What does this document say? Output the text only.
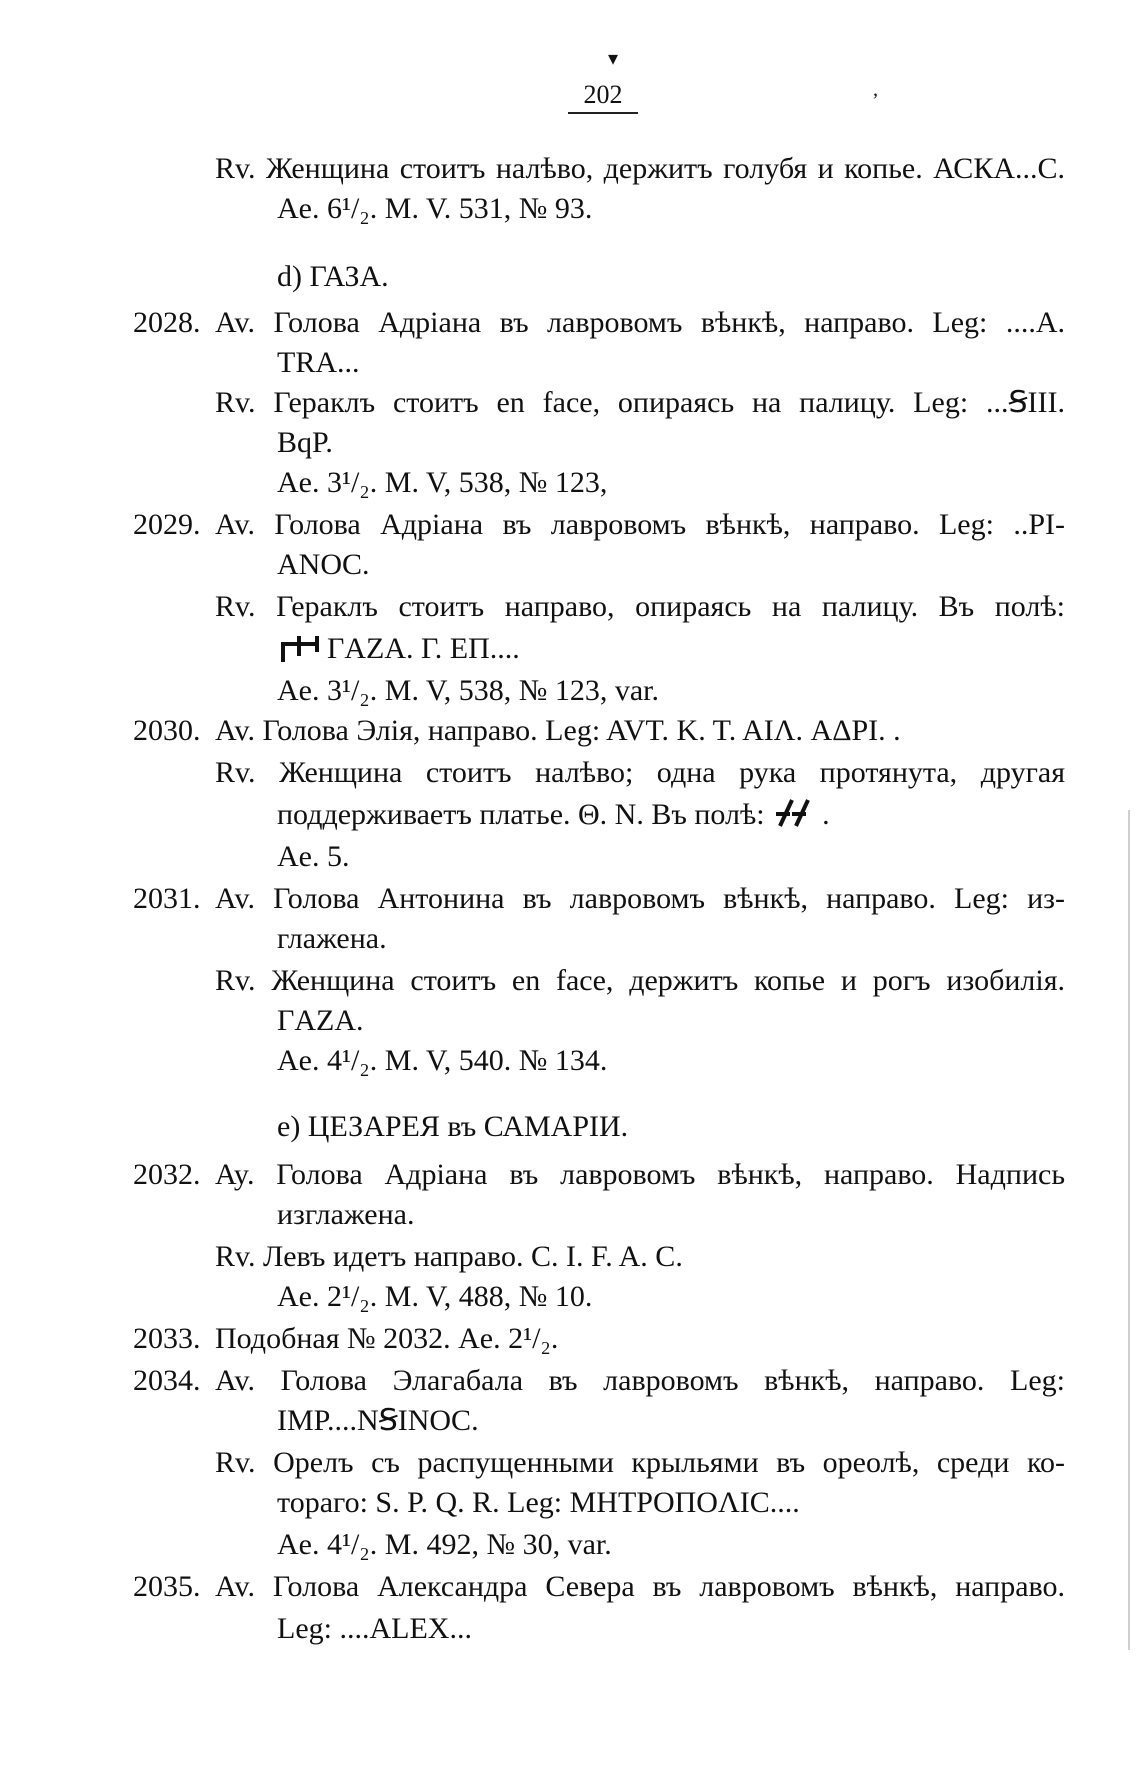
▾
ʼ
202
Rv. Женщина стоитъ налѣво, держитъ голубя и копье. АСКА...С.
Ae. 6¹/₂. M. V. 531, № 93.
d) ГАЗА.
2028. Av. Голова Адріана въ лавровомъ вѣнкѣ, направо. Leg: ....A.
TRA...
Rv. Гераклъ стоитъ en face, опираясь на палицу. Leg: ...ꞨIII.
BqP.
Ae. 3¹/₂. M. V, 538, № 123,
2029. Av. Голова Адріана въ лавровомъ вѣнкѣ, направо. Leg: ..PI-
ANOC.
Rv. Гераклъ стоитъ направо, опираясь на палицу. Въ полѣ:
ΓAZA. Γ. ΕΠ....
Ae. 3¹/₂. M. V, 538, № 123, var.
2030. Av. Голова Элія, направо. Leg: AVT. K. T. AIΛ. AΔPI. .
Rv. Женщина стоитъ налѣво; одна рука протянута, другая
поддерживаетъ платье. Θ. N. Въ полѣ: .
Ae. 5.
2031. Av. Голова Антонина въ лавровомъ вѣнкѣ, направо. Leg: из-
глажена.
Rv. Женщина стоитъ en face, держитъ копье и рогъ изобилія.
ΓAZA.
Ae. 4¹/₂. M. V, 540. № 134.
e) ЦЕЗАРЕЯ въ САМАРІИ.
2032. Ay. Голова Адріана въ лавровомъ вѣнкѣ, направо. Надпись
изглажена.
Rv. Левъ идетъ направо. C. I. F. A. C.
Ae. 2¹/₂. M. V, 488, № 10.
2033. Подобная № 2032. Ae. 2¹/₂.
2034. Av. Голова Элагабала въ лавровомъ вѣнкѣ, направо. Leg:
IMP....NꞨINOC.
Rv. Орелъ съ распущенными крыльями въ ореолѣ, среди ко-
тораго: S. P. Q. R. Leg: MHTPOΠOΛIC....
Ae. 4¹/₂. M. 492, № 30, var.
2035. Av. Голова Александра Севера въ лавровомъ вѣнкѣ, направо.
Leg: ....ALEX...
